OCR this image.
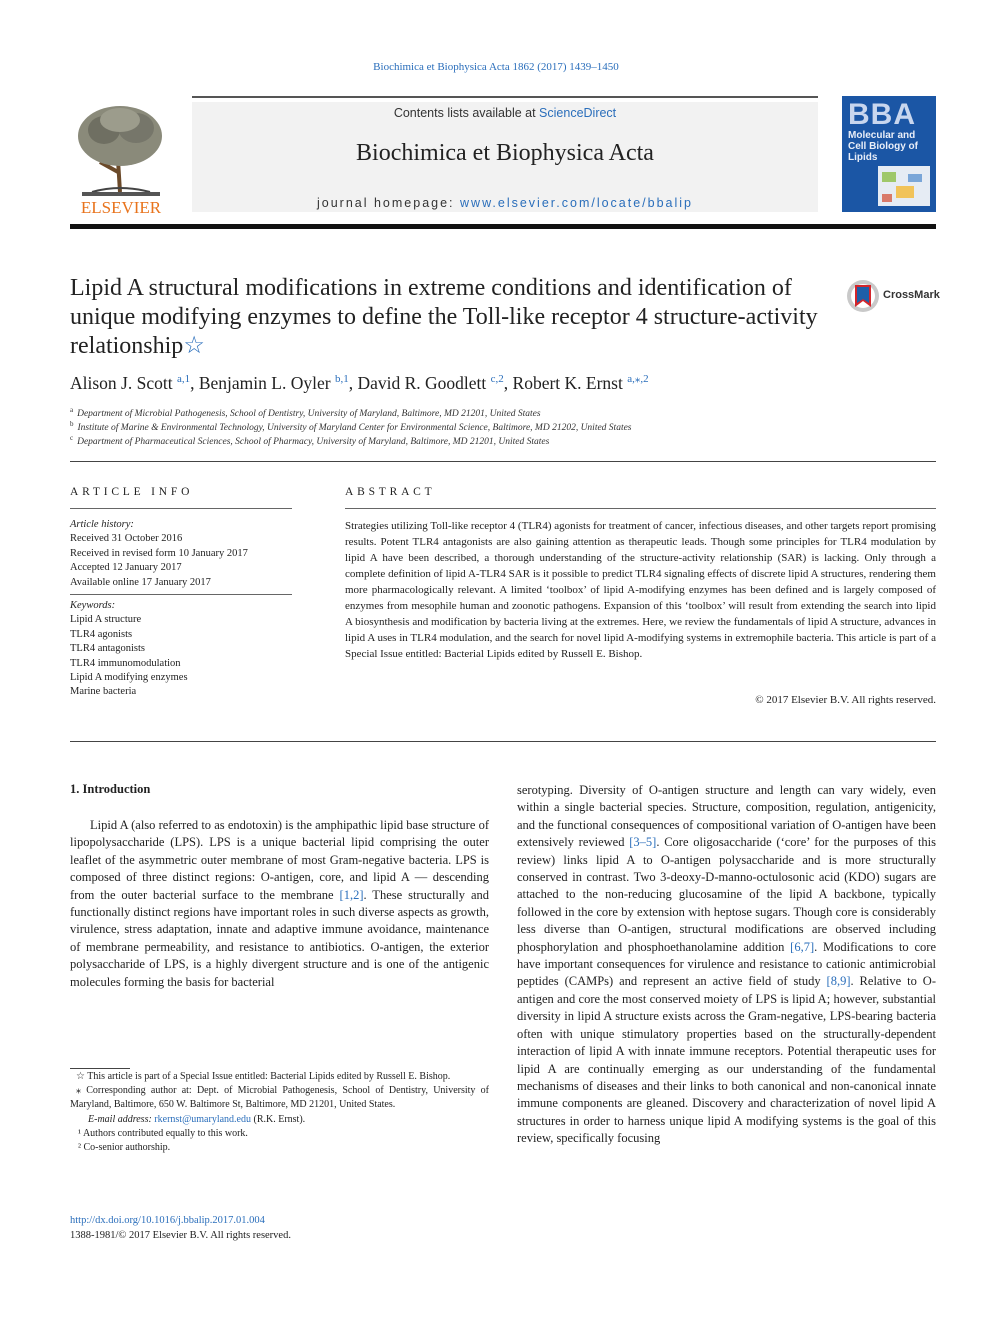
Biochimica et Biophysica Acta 1862 (2017) 1439–1450
ELSEVIER
Contents lists available at ScienceDirect
Biochimica et Biophysica Acta
journal homepage: www.elsevier.com/locate/bbalip
BBA
Molecular and Cell Biology of Lipids
Lipid A structural modifications in extreme conditions and identification of unique modifying enzymes to define the Toll-like receptor 4 structure-activity relationship☆
CrossMark
Alison J. Scott $^{a,1}$, Benjamin L. Oyler $^{b,1}$, David R. Goodlett $^{c,2}$, Robert K. Ernst $^{a,⁎,2}$
$^a$ Department of Microbial Pathogenesis, School of Dentistry, University of Maryland, Baltimore, MD 21201, United States
$^b$ Institute of Marine & Environmental Technology, University of Maryland Center for Environmental Science, Baltimore, MD 21202, United States
$^c$ Department of Pharmaceutical Sciences, School of Pharmacy, University of Maryland, Baltimore, MD 21201, United States
ARTICLE INFO
Article history:
Received 31 October 2016
Received in revised form 10 January 2017
Accepted 12 January 2017
Available online 17 January 2017
Keywords:
Lipid A structure
TLR4 agonists
TLR4 antagonists
TLR4 immunomodulation
Lipid A modifying enzymes
Marine bacteria
ABSTRACT
Strategies utilizing Toll-like receptor 4 (TLR4) agonists for treatment of cancer, infectious diseases, and other targets report promising results. Potent TLR4 antagonists are also gaining attention as therapeutic leads. Though some principles for TLR4 modulation by lipid A have been described, a thorough understanding of the structure-activity relationship (SAR) is lacking. Only through a complete definition of lipid A-TLR4 SAR is it possible to predict TLR4 signaling effects of discrete lipid A structures, rendering them more pharmacologically relevant. A limited ‘toolbox’ of lipid A-modifying enzymes has been defined and is largely composed of enzymes from mesophile human and zoonotic pathogens. Expansion of this ‘toolbox’ will result from extending the search into lipid A biosynthesis and modification by bacteria living at the extremes. Here, we review the fundamentals of lipid A structure, advances in lipid A uses in TLR4 modulation, and the search for novel lipid A-modifying systems in extremophile bacteria. This article is part of a Special Issue entitled: Bacterial Lipids edited by Russell E. Bishop.
© 2017 Elsevier B.V. All rights reserved.
1. Introduction
Lipid A (also referred to as endotoxin) is the amphipathic lipid base structure of lipopolysaccharide (LPS). LPS is a unique bacterial lipid comprising the outer leaflet of the asymmetric outer membrane of most Gram-negative bacteria. LPS is composed of three distinct regions: O-antigen, core, and lipid A — descending from the outer bacterial surface to the membrane [1,2]. These structurally and functionally distinct regions have important roles in such diverse aspects as growth, virulence, stress adaptation, innate and adaptive immune avoidance, maintenance of membrane permeability, and resistance to antibiotics. O-antigen, the exterior polysaccharide of LPS, is a highly divergent structure and is one of the antigenic molecules forming the basis for bacterial
serotyping. Diversity of O-antigen structure and length can vary widely, even within a single bacterial species. Structure, composition, regulation, antigenicity, and the functional consequences of compositional variation of O-antigen have been extensively reviewed [3–5]. Core oligosaccharide (‘core’ for the purposes of this review) links lipid A to O-antigen polysaccharide and is more structurally conserved in contrast. Two 3-deoxy-D-manno-octulosonic acid (KDO) sugars are attached to the non-reducing glucosamine of the lipid A backbone, typically followed in the core by extension with heptose sugars. Though core is considerably less diverse than O-antigen, structural modifications are observed including phosphorylation and phosphoethanolamine addition [6,7]. Modifications to core have important consequences for virulence and resistance to cationic antimicrobial peptides (CAMPs) and represent an active field of study [8,9]. Relative to O-antigen and core the most conserved moiety of LPS is lipid A; however, substantial diversity in lipid A structure exists across the Gram-negative, LPS-bearing bacteria often with unique stimulatory properties based on the structurally-dependent interaction of lipid A with innate immune receptors. Potential therapeutic uses for lipid A are continually emerging as our understanding of the fundamental mechanisms of diseases and their links to both canonical and non-canonical innate immune components are gleaned. Discovery and characterization of novel lipid A structures in order to harness unique lipid A modifying systems is the goal of this review, specifically focusing
☆ This article is part of a Special Issue entitled: Bacterial Lipids edited by Russell E. Bishop.
⁎ Corresponding author at: Dept. of Microbial Pathogenesis, School of Dentistry, University of Maryland, Baltimore, 650 W. Baltimore St, Baltimore, MD 21201, United States.
E-mail address: rkernst@umaryland.edu (R.K. Ernst).
¹ Authors contributed equally to this work.
² Co-senior authorship.
http://dx.doi.org/10.1016/j.bbalip.2017.01.004
1388-1981/© 2017 Elsevier B.V. All rights reserved.
